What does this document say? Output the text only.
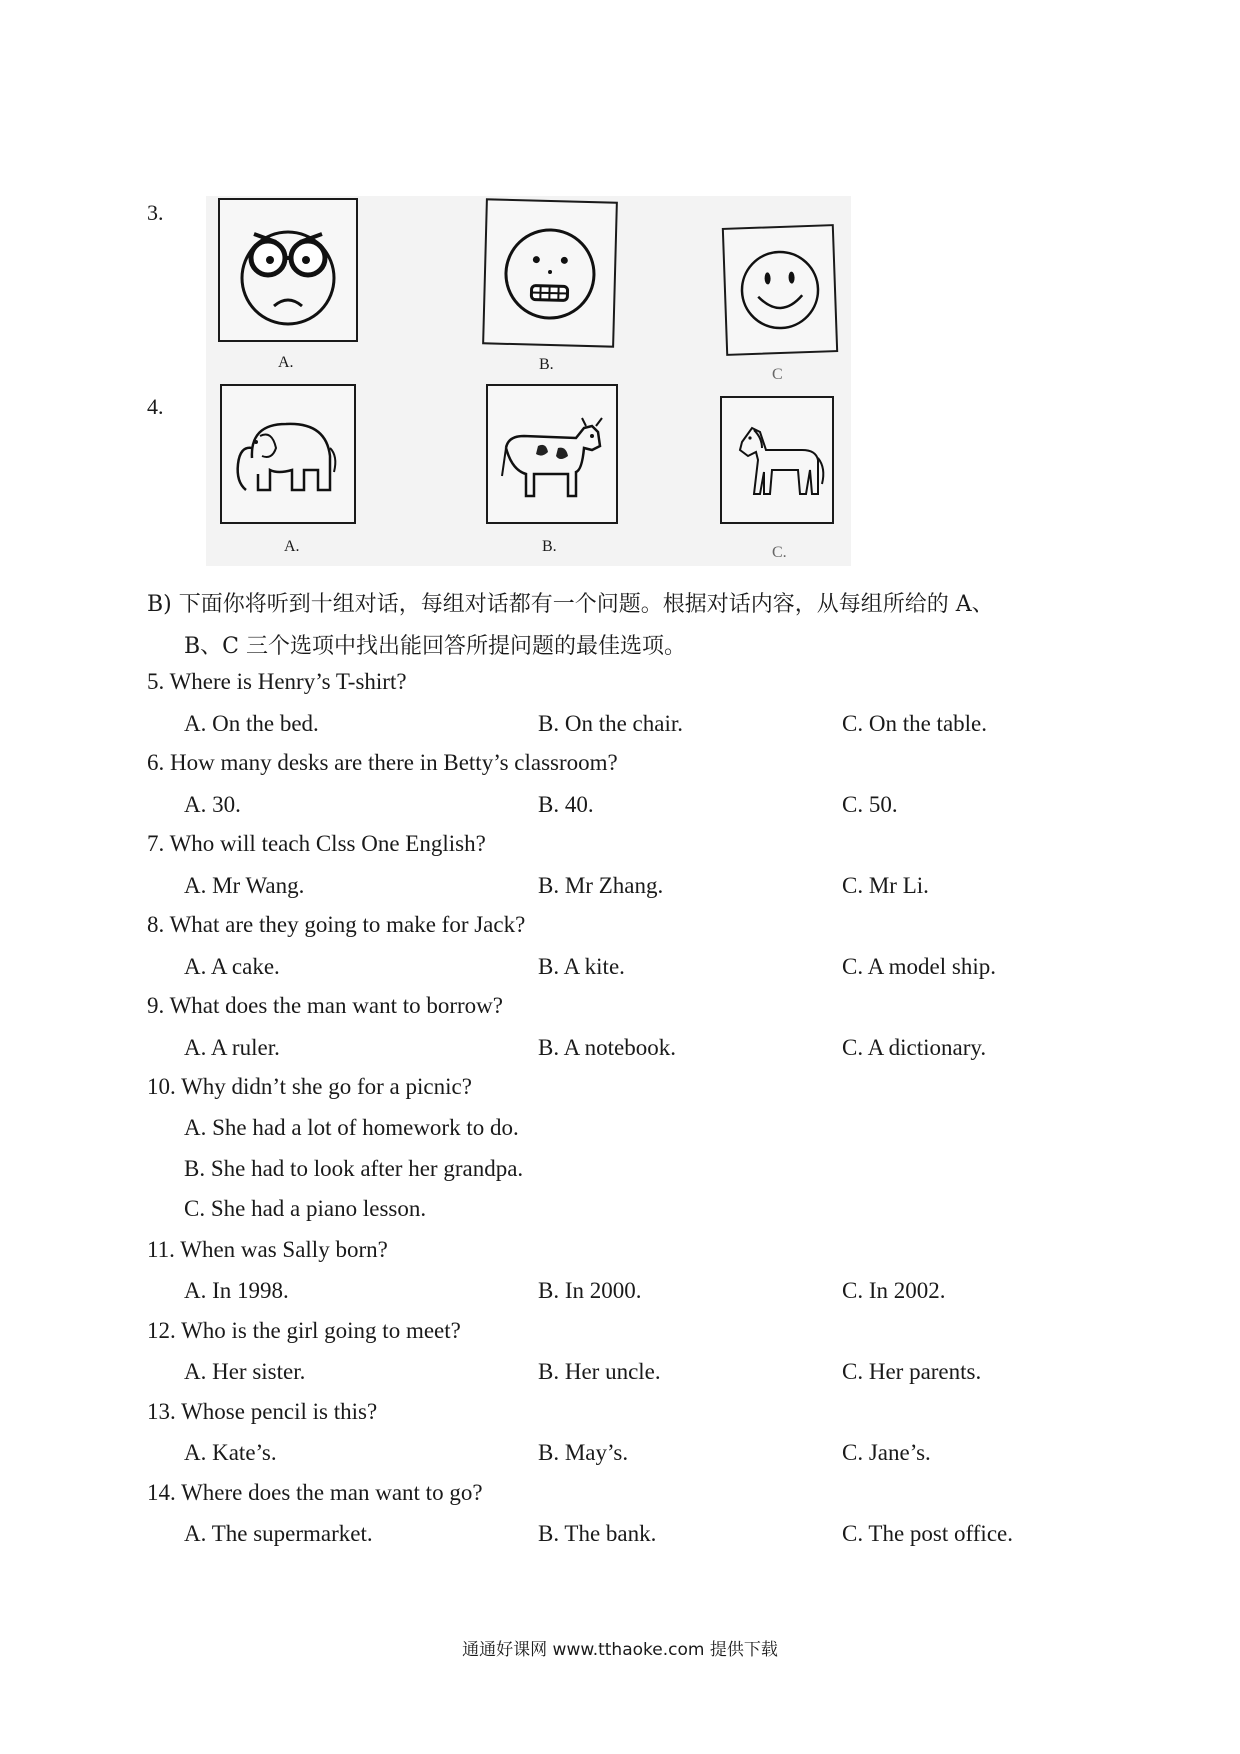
3.
4.
A.	B.
C
A.	B.	C.
B) 下面你将听到十组对话，每组对话都有一个问题。根据对话内容，从每组所给的 A、
B、C 三个选项中找出能回答所提问题的最佳选项。
5. Where is Henry’s T-shirt?
A. On the bed.	B. On the chair.	C. On the table.
6. How many desks are there in Betty’s classroom?
A. 30.	B. 40.	C. 50.
7. Who will teach Clss One English?
A. Mr Wang.	B. Mr Zhang.	C. Mr Li.
8. What are they going to make for Jack?
A. A cake.	B. A kite.	C. A model ship.
9. What does the man want to borrow?
A. A ruler.	B. A notebook.	C. A dictionary.
10. Why didn’t she go for a picnic?
A. She had a lot of homework to do.
B. She had to look after her grandpa.
C. She had a piano lesson.
11. When was Sally born?
A. In 1998.	B. In 2000.	C. In 2002.
12. Who is the girl going to meet?
A. Her sister.	B. Her uncle.	C. Her parents.
13. Whose pencil is this?
A. Kate’s.	B. May’s.	C. Jane’s.
14. Where does the man want to go?
A. The supermarket.	B. The bank.	C. The post office.
通通好课网 www.tthaoke.com 提供下载
